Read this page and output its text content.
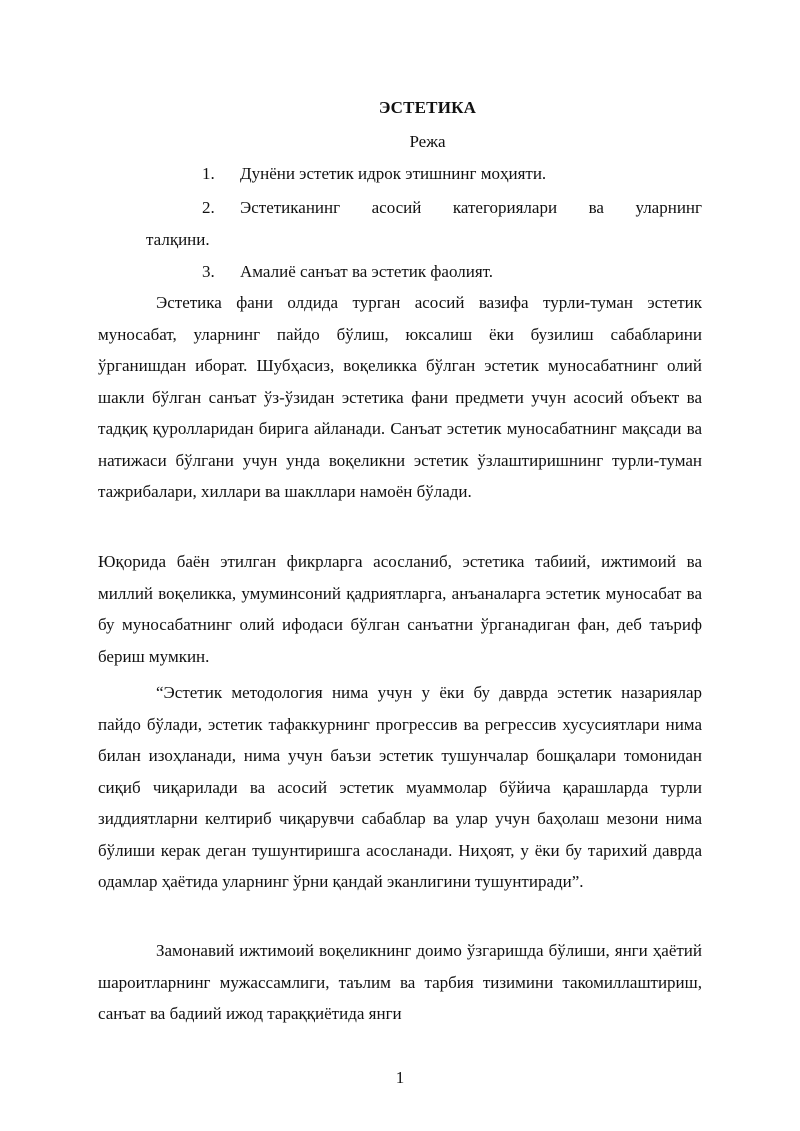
ЭСТЕТИКА
Режа
1.	Дунёни эстетик идрок этишнинг моҳияти.
2.	Эстетиканинг асосий категориялари ва уларнинг
талқини.
3.	Амалиё санъат ва эстетик фаолият.

Эстетика фани олдида турган асосий вазифа турли-туман эстетик муносабат, уларнинг пайдо бўлиш, юксалиш ёки бузилиш сабабларини ўрганишдан иборат. Шубҳасиз, воқеликка бўлган эстетик муносабатнинг олий шакли бўлган санъат ўз-ўзидан эстетика фани предмети учун асосий объект ва тадқиқ қуролларидан бирига айланади. Санъат эстетик муносабатнинг мақсади ва натижаси бўлгани учун унда воқеликни эстетик ўзлаштиришнинг турли-туман тажрибалари, хиллари ва шакллари намоён бўлади.

Юқорида баён этилган фикрларга асосланиб, эстетика табиий, ижтимоий ва миллий воқеликка, умуминсоний қадриятларга, анъаналарга эстетик муносабат ва бу муносабатнинг олий ифодаси бўлган санъатни ўрганадиган фан, деб таъриф бериш мумкин.

“Эстетик методология нима учун у ёки бу даврда эстетик назариялар пайдо бўлади, эстетик тафаккурнинг прогрессив ва регрессив хусусиятлари нима билан изоҳланади, нима учун баъзи эстетик тушунчалар бошқалари томонидан сиқиб чиқарилади ва асосий эстетик муаммолар бўйича қарашларда турли зиддиятларни келтириб чиқарувчи сабаблар ва улар учун баҳолаш мезони нима бўлиши керак деган тушунтиришга асосланади. Ниҳоят, у ёки бу тарихий даврда одамлар ҳаётида уларнинг ўрни қандай эканлигини тушунтиради”.

Замонавий ижтимоий воқеликнинг доимо ўзгаришда бўлиши, янги ҳаётий шароитларнинг мужассамлиги, таълим ва тарбия тизимини такомиллаштириш, санъат ва бадиий ижод тараққиётида янги

1
